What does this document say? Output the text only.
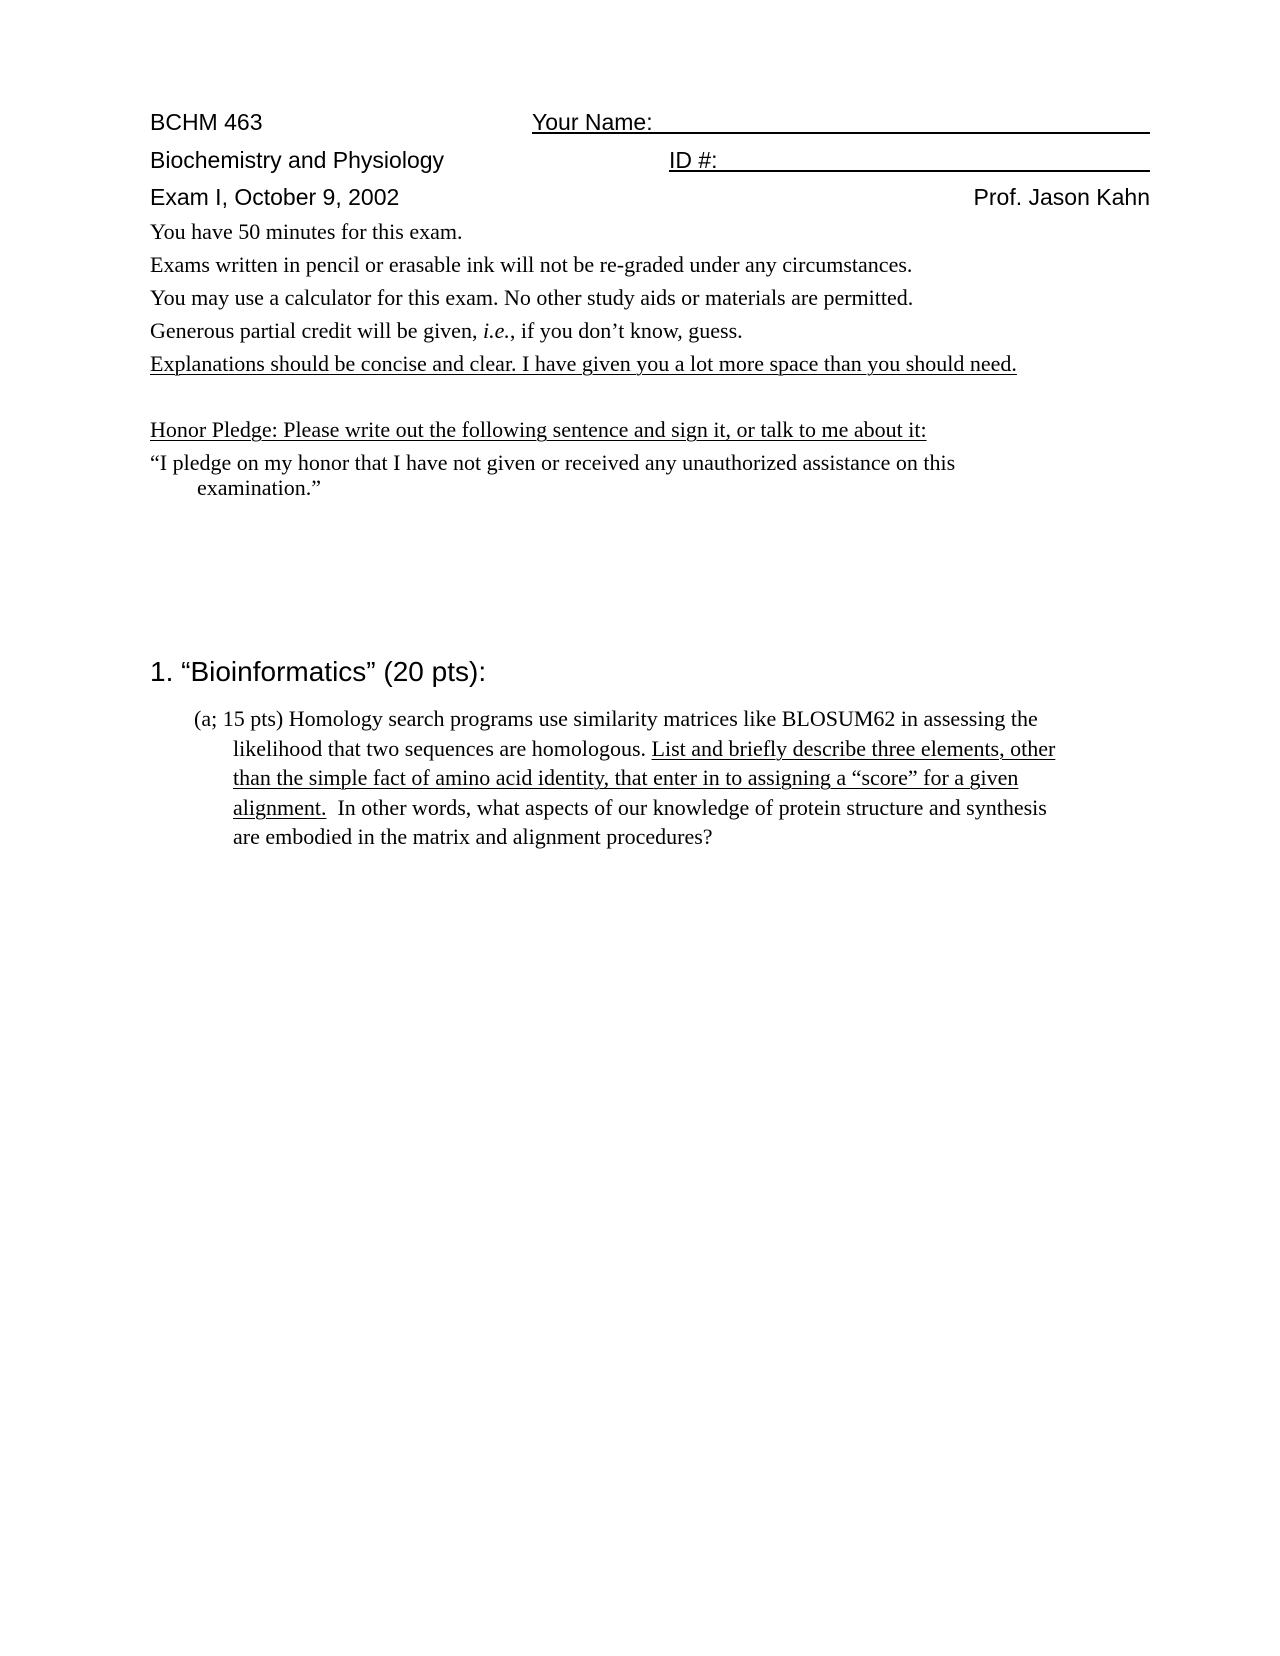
BCHM 463	Your Name:
Biochemistry and Physiology	ID #:
Exam I, October 9, 2002	Prof. Jason Kahn
You have 50 minutes for this exam.
Exams written in pencil or erasable ink will not be re-graded under any circumstances.
You may use a calculator for this exam. No other study aids or materials are permitted.
Generous partial credit will be given, i.e., if you don’t know, guess.
Explanations should be concise and clear. I have given you a lot more space than you should need.
Honor Pledge: Please write out the following sentence and sign it, or talk to me about it:
“I pledge on my honor that I have not given or received any unauthorized assistance on this
examination.”
1. “Bioinformatics” (20 pts):
(a; 15 pts) Homology search programs use similarity matrices like BLOSUM62 in assessing the
likelihood that two sequences are homologous. List and briefly describe three elements, other
than the simple fact of amino acid identity, that enter in to assigning a “score” for a given
alignment.  In other words, what aspects of our knowledge of protein structure and synthesis
are embodied in the matrix and alignment procedures?
